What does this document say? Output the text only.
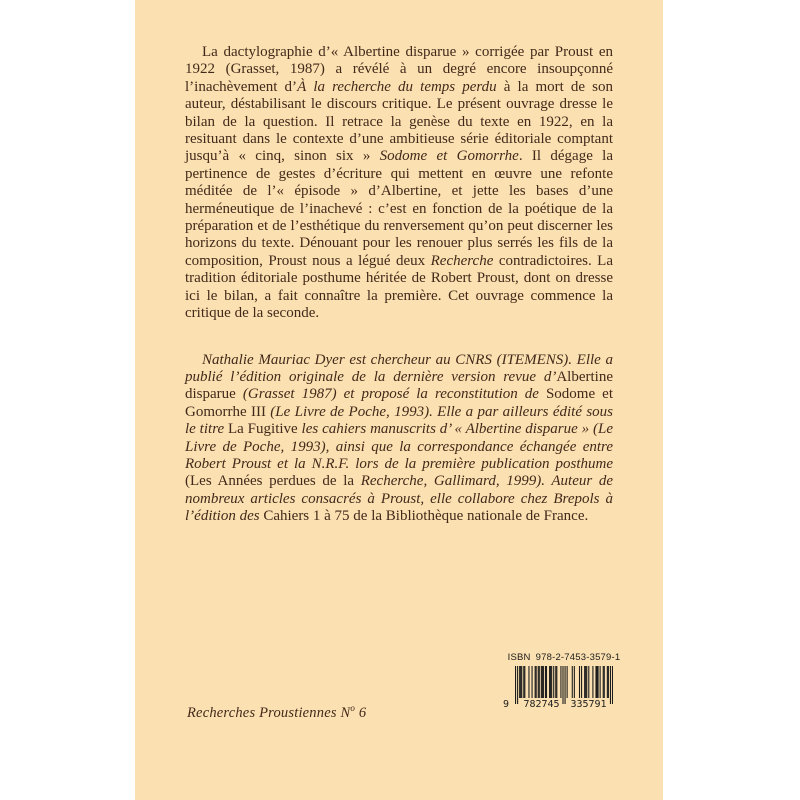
La dactylographie d’« Albertine disparue » corrigée par Proust en 1922 (Grasset, 1987) a révélé à un degré encore insoupçonné l’inachèvement d’À la recherche du temps perdu à la mort de son auteur, déstabilisant le discours critique. Le présent ouvrage dresse le bilan de la question. Il retrace la genèse du texte en 1922, en la resituant dans le contexte d’une ambitieuse série éditoriale comptant jusqu’à « cinq, sinon six » Sodome et Gomorrhe. Il dégage la pertinence de gestes d’écriture qui mettent en œuvre une refonte méditée de l’« épisode » d’Albertine, et jette les bases d’une herméneutique de l’inachevé : c’est en fonction de la poétique de la préparation et de l’esthétique du renversement qu’on peut discerner les horizons du texte. Dénouant pour les renouer plus serrés les fils de la composition, Proust nous a légué deux Recherche contradictoires. La tradition éditoriale posthume héritée de Robert Proust, dont on dresse ici le bilan, a fait connaître la première. Cet ouvrage commence la critique de la seconde.

Nathalie Mauriac Dyer est chercheur au CNRS (ITEMENS). Elle a publié l’édition originale de la dernière version revue d’Albertine disparue (Grasset 1987) et proposé la reconstitution de Sodome et Gomorrhe III (Le Livre de Poche, 1993). Elle a par ailleurs édité sous le titre La Fugitive les cahiers manuscrits d’ « Albertine disparue » (Le Livre de Poche, 1993), ainsi que la correspondance échangée entre Robert Proust et la N.R.F. lors de la première publication posthume (Les Années perdues de la Recherche, Gallimard, 1999). Auteur de nombreux articles consacrés à Proust, elle collabore chez Brepols à l’édition des Cahiers 1 à 75 de la Bibliothèque nationale de France.

Recherches Proustiennes $N^o$ 6
ISBN 978-2-7453-3579-1
9	782745	335791
